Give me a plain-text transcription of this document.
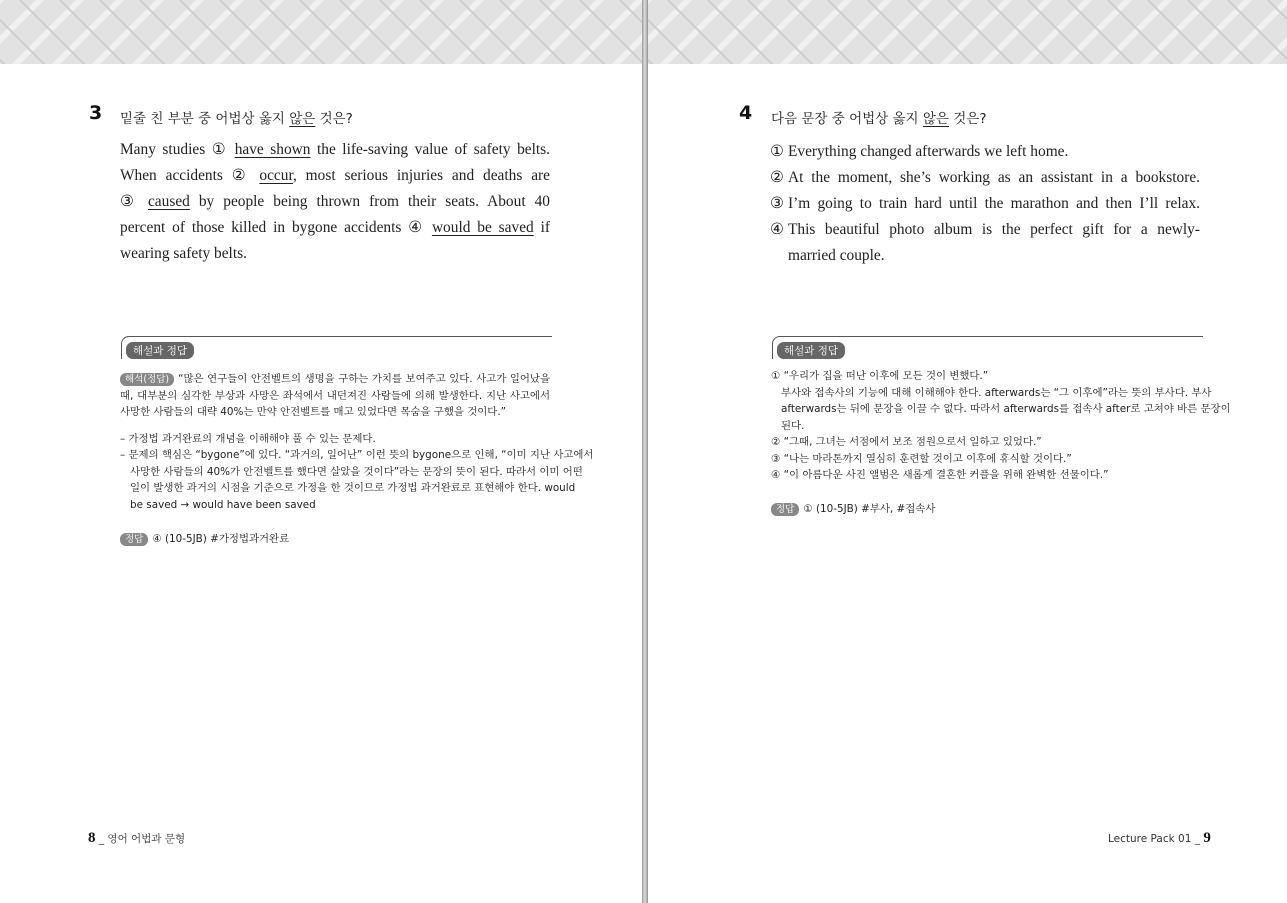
3 밑줄 친 부분 중 어법상 옳지 않은 것은?
Many studies ① have shown the life-saving value of safety belts.
When accidents ② occur, most serious injuries and deaths are
③ caused by people being thrown from their seats. About 40
percent of those killed in bygone accidents ④ would be saved if
wearing safety belts.
해설과 정답
해석(정답) “많은 연구들이 안전벨트의 생명을 구하는 가치를 보여주고 있다. 사고가 일어났을
때, 대부분의 심각한 부상과 사망은 좌석에서 내던져진 사람들에 의해 발생한다. 지난 사고에서
사망한 사람들의 대략 40%는 만약 안전벨트를 매고 있었다면 목숨을 구했을 것이다.”
– 가정법 과거완료의 개념을 이해해야 풀 수 있는 문제다.
– 문제의 핵심은 “bygone”에 있다. “과거의, 일어난” 이런 뜻의 bygone으로 인해, “이미 지난 사고에서
사망한 사람들의 40%가 안전벨트를 했다면 살았을 것이다”라는 문장의 뜻이 된다. 따라서 이미 어떤
일이 발생한 과거의 시점을 기준으로 가정을 한 것이므로 가정법 과거완료로 표현해야 한다. would
be saved → would have been saved
정답 ④ (10-5JB) #가정법과거완료
8 _ 영어 어법과 문형
4 다음 문장 중 어법상 옳지 않은 것은?
① Everything changed afterwards we left home.
② At the moment, she’s working as an assistant in a bookstore.
③ I’m going to train hard until the marathon and then I’ll relax.
④ This beautiful photo album is the perfect gift for a newly-
married couple.
해설과 정답
① “우리가 집을 떠난 이후에 모든 것이 변했다.”
부사와 접속사의 기능에 대해 이해해야 한다. afterwards는 “그 이후에”라는 뜻의 부사다. 부사
afterwards는 뒤에 문장을 이끌 수 없다. 따라서 afterwards를 접속사 after로 고쳐야 바른 문장이
된다.
② “그때, 그녀는 서점에서 보조 점원으로서 일하고 있었다.”
③ “나는 마라톤까지 열심히 훈련할 것이고 이후에 휴식할 것이다.”
④ “이 아름다운 사진 앨범은 새롭게 결혼한 커플을 위해 완벽한 선물이다.”
정답 ① (10-5JB) #부사, #접속사
Lecture Pack 01 _ 9
